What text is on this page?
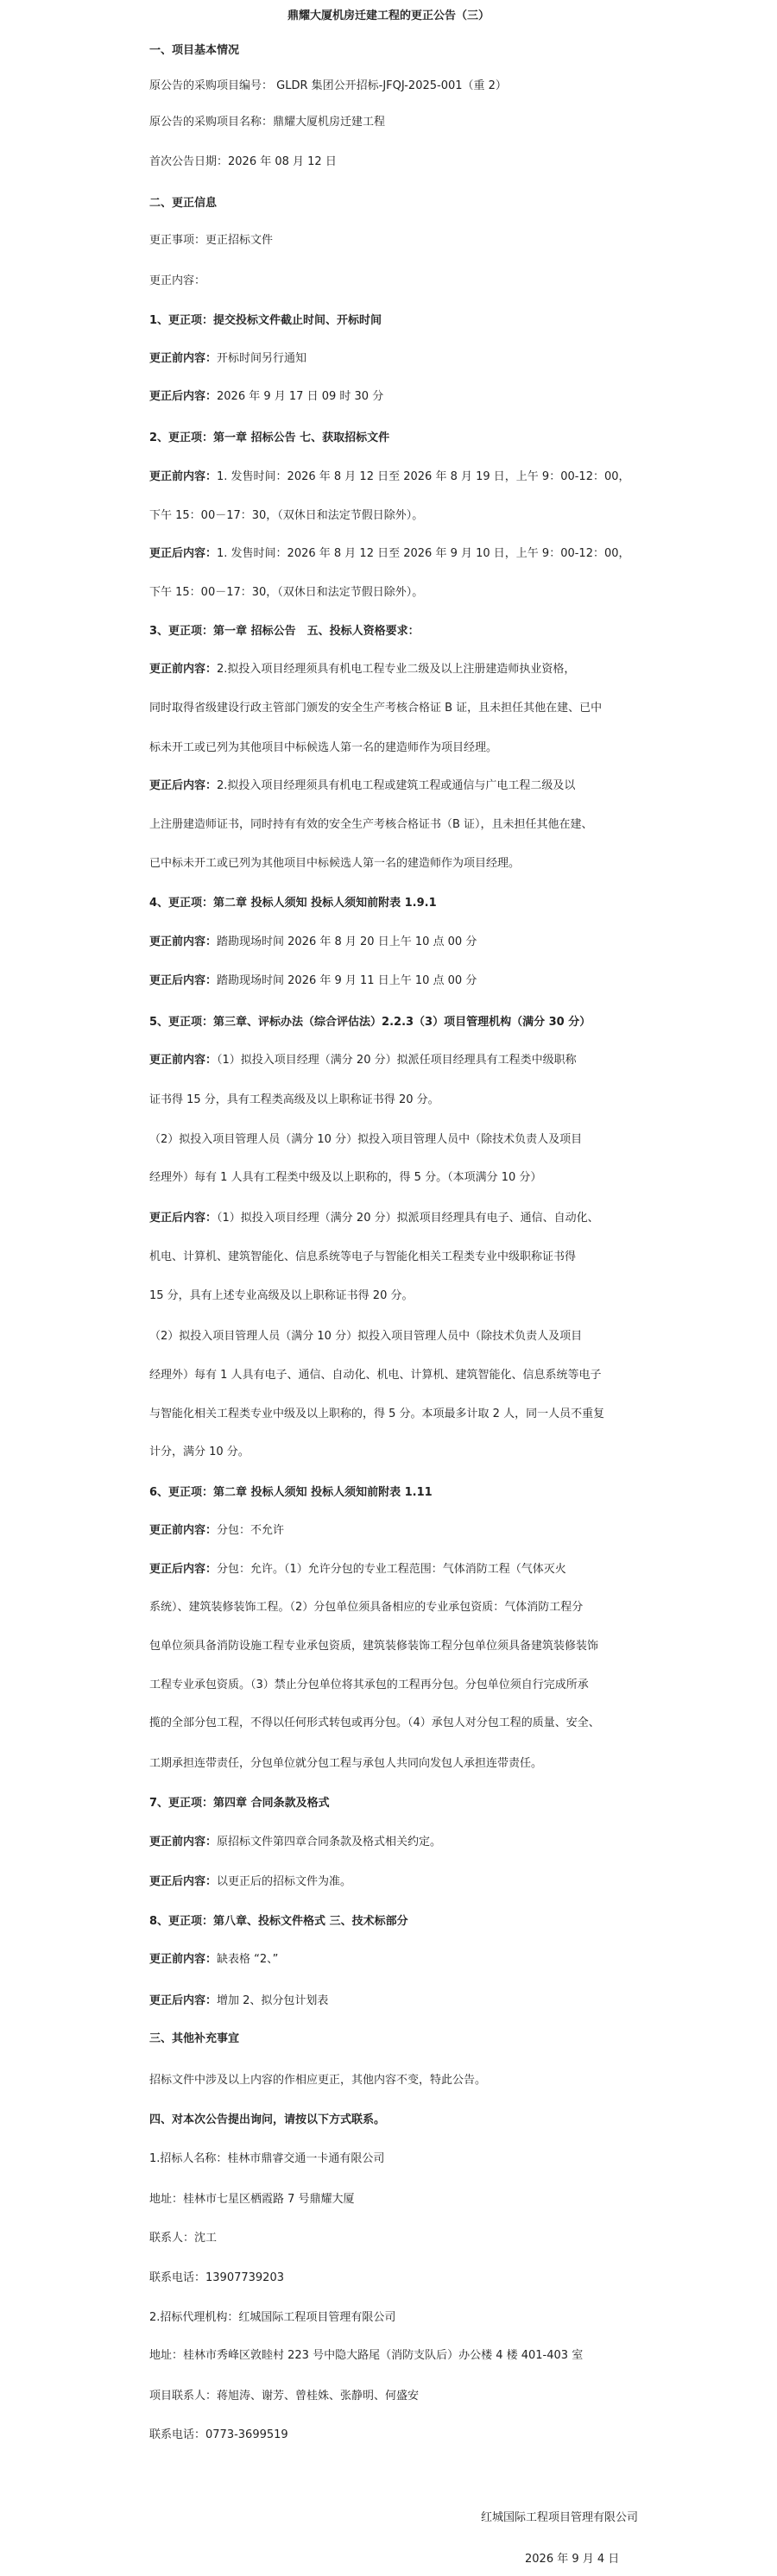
鼎耀大厦机房迁建工程的更正公告（三）
一、项目基本情况
原公告的采购项目编号： GLDR 集团公开招标-JFQJ-2025-001（重 2）
原公告的采购项目名称：鼎耀大厦机房迁建工程
首次公告日期：2026 年 08 月 12 日
二、更正信息
更正事项：更正招标文件
更正内容：
1、更正项：提交投标文件截止时间、开标时间
更正前内容：开标时间另行通知
更正后内容：2026 年 9 月 17 日 09 时 30 分
2、更正项：第一章 招标公告 七、获取招标文件
更正前内容：1. 发售时间：2026 年 8 月 12 日至 2026 年 8 月 19 日，上午 9：00-12：00，
下午 15：00－17：30，（双休日和法定节假日除外）。
更正后内容：1. 发售时间：2026 年 8 月 12 日至 2026 年 9 月 10 日，上午 9：00-12：00，
下午 15：00－17：30，（双休日和法定节假日除外）。
3、更正项：第一章 招标公告　五、投标人资格要求：
更正前内容：2.拟投入项目经理须具有机电工程专业二级及以上注册建造师执业资格，
同时取得省级建设行政主管部门颁发的安全生产考核合格证 B 证，且未担任其他在建、已中
标未开工或已列为其他项目中标候选人第一名的建造师作为项目经理。
更正后内容：2.拟投入项目经理须具有机电工程或建筑工程或通信与广电工程二级及以
上注册建造师证书，同时持有有效的安全生产考核合格证书（B 证），且未担任其他在建、
已中标未开工或已列为其他项目中标候选人第一名的建造师作为项目经理。
4、更正项：第二章 投标人须知 投标人须知前附表 1.9.1
更正前内容：踏勘现场时间 2026 年 8 月 20 日上午 10 点 00 分
更正后内容：踏勘现场时间 2026 年 9 月 11 日上午 10 点 00 分
5、更正项：第三章、评标办法（综合评估法）2.2.3（3）项目管理机构（满分 30 分）
更正前内容：（1）拟投入项目经理（满分 20 分）拟派任项目经理具有工程类中级职称
证书得 15 分，具有工程类高级及以上职称证书得 20 分。
（2）拟投入项目管理人员（满分 10 分）拟投入项目管理人员中（除技术负责人及项目
经理外）每有 1 人具有工程类中级及以上职称的，得 5 分。（本项满分 10 分）
更正后内容：（1）拟投入项目经理（满分 20 分）拟派项目经理具有电子、通信、自动化、
机电、计算机、建筑智能化、信息系统等电子与智能化相关工程类专业中级职称证书得
15 分，具有上述专业高级及以上职称证书得 20 分。
（2）拟投入项目管理人员（满分 10 分）拟投入项目管理人员中（除技术负责人及项目
经理外）每有 1 人具有电子、通信、自动化、机电、计算机、建筑智能化、信息系统等电子
与智能化相关工程类专业中级及以上职称的，得 5 分。本项最多计取 2 人，同一人员不重复
计分，满分 10 分。
6、更正项：第二章 投标人须知 投标人须知前附表 1.11
更正前内容：分包：不允许
更正后内容：分包：允许。（1）允许分包的专业工程范围：气体消防工程（气体灭火
系统）、建筑装修装饰工程。（2）分包单位须具备相应的专业承包资质：气体消防工程分
包单位须具备消防设施工程专业承包资质，建筑装修装饰工程分包单位须具备建筑装修装饰
工程专业承包资质。（3）禁止分包单位将其承包的工程再分包。分包单位须自行完成所承
揽的全部分包工程，不得以任何形式转包或再分包。（4）承包人对分包工程的质量、安全、
工期承担连带责任，分包单位就分包工程与承包人共同向发包人承担连带责任。
7、更正项：第四章 合同条款及格式
更正前内容：原招标文件第四章合同条款及格式相关约定。
更正后内容：以更正后的招标文件为准。
8、更正项：第八章、投标文件格式 三、技术标部分
更正前内容：缺表格 “2、”
更正后内容：增加 2、拟分包计划表
三、其他补充事宜
招标文件中涉及以上内容的作相应更正，其他内容不变，特此公告。
四、对本次公告提出询问，请按以下方式联系。
1.招标人名称：桂林市鼎睿交通一卡通有限公司
地址：桂林市七星区栖霞路 7 号鼎耀大厦
联系人：沈工
联系电话：13907739203
2.招标代理机构：红城国际工程项目管理有限公司
地址：桂林市秀峰区敦睦村 223 号中隐大路尾（消防支队后）办公楼 4 楼 401-403 室
项目联系人：蒋旭涛、谢芳、曾桂姝、张静明、何盛安
联系电话：0773-3699519
红城国际工程项目管理有限公司
2026 年 9 月 4 日
